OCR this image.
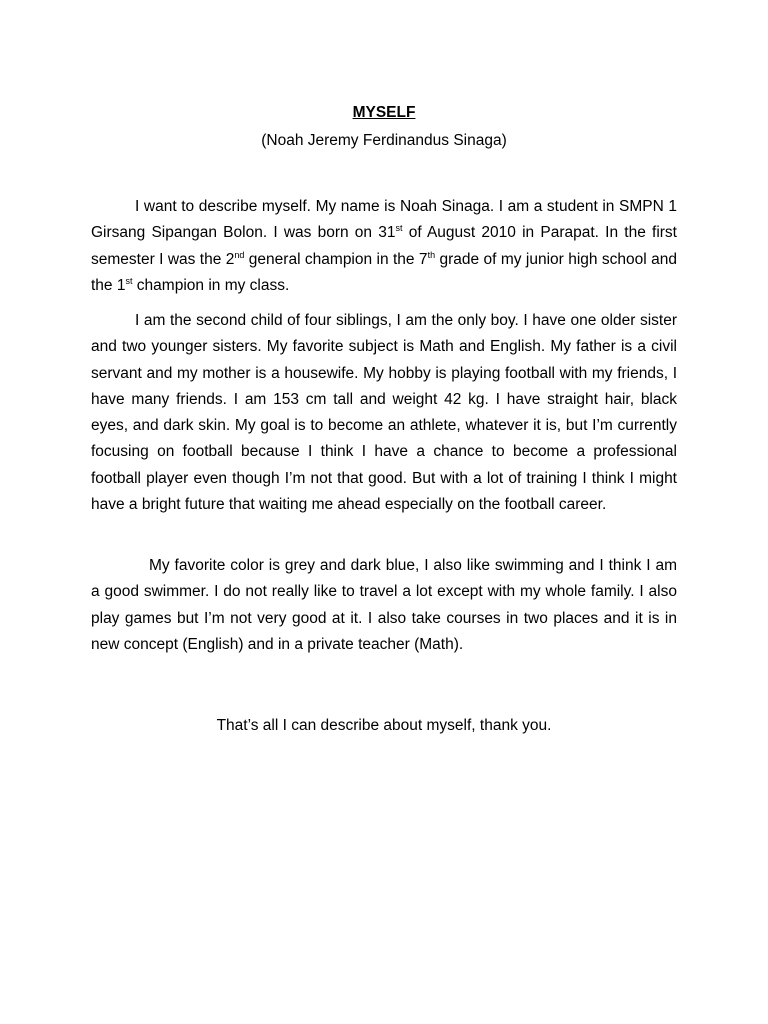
MYSELF
(Noah Jeremy Ferdinandus Sinaga)

I want to describe myself. My name is Noah Sinaga. I am a student in SMPN 1 Girsang Sipangan Bolon. I was born on 31st of August 2010 in Parapat. In the first semester I was the 2nd general champion in the 7th grade of my junior high school and the 1st champion in my class.

I am the second child of four siblings, I am the only boy. I have one older sister and two younger sisters. My favorite subject is Math and English. My father is a civil servant and my mother is a housewife. My hobby is playing football with my friends, I have many friends. I am 153 cm tall and weight 42 kg. I have straight hair, black eyes, and dark skin. My goal is to become an athlete, whatever it is, but I’m currently focusing on football because I think I have a chance to become a professional football player even though I’m not that good. But with a lot of training I think I might have a bright future that waiting me ahead especially on the football career.

My favorite color is grey and dark blue, I also like swimming and I think I am a good swimmer. I do not really like to travel a lot except with my whole family. I also play games but I’m not very good at it. I also take courses in two places and it is in new concept (English) and in a private teacher (Math).

That’s all I can describe about myself, thank you.
